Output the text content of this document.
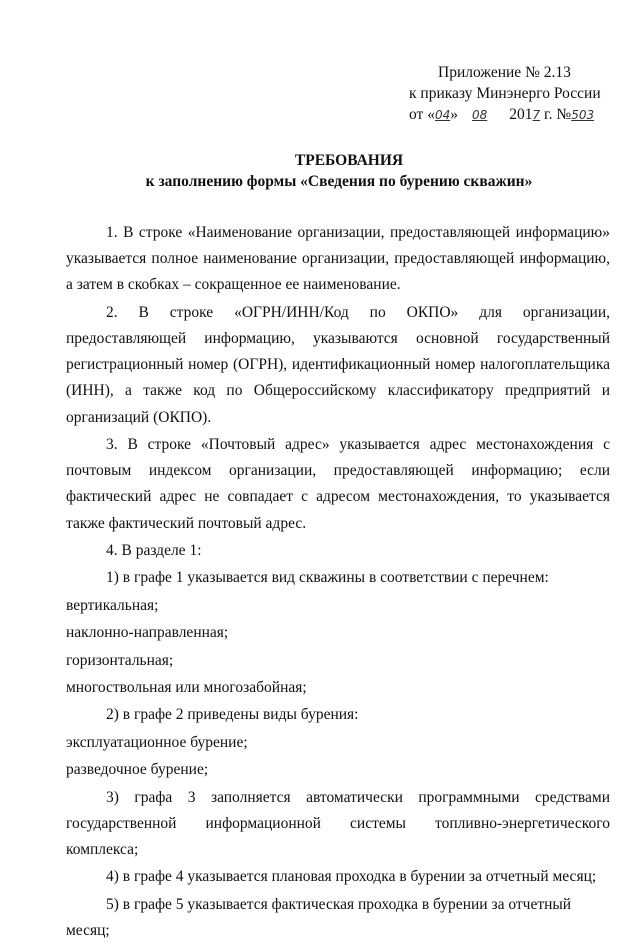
Приложение № 2.13
к приказу Минэнерго России
от «04» 08 2017 г. №503
ТРЕБОВАНИЯ
к заполнению формы «Сведения по бурению скважин»
1. В строке «Наименование организации, предоставляющей информацию» указывается полное наименование организации, предоставляющей информацию, а затем в скобках – сокращенное ее наименование.
2. В строке «ОГРН/ИНН/Код по ОКПО» для организации, предоставляющей информацию, указываются основной государственный регистрационный номер (ОГРН), идентификационный номер налогоплательщика (ИНН), а также код по Общероссийскому классификатору предприятий и организаций (ОКПО).
3. В строке «Почтовый адрес» указывается адрес местонахождения с почтовым индексом организации, предоставляющей информацию; если фактический адрес не совпадает с адресом местонахождения, то указывается также фактический почтовый адрес.
4. В разделе 1:
1) в графе 1 указывается вид скважины в соответствии с перечнем:
вертикальная;
наклонно-направленная;
горизонтальная;
многоствольная или многозабойная;
2) в графе 2 приведены виды бурения:
эксплуатационное бурение;
разведочное бурение;
3) графа 3 заполняется автоматически программными средствами государственной информационной системы топливно-энергетического комплекса;
4) в графе 4 указывается плановая проходка в бурении за отчетный месяц;
5) в графе 5 указывается фактическая проходка в бурении за отчетный месяц;
